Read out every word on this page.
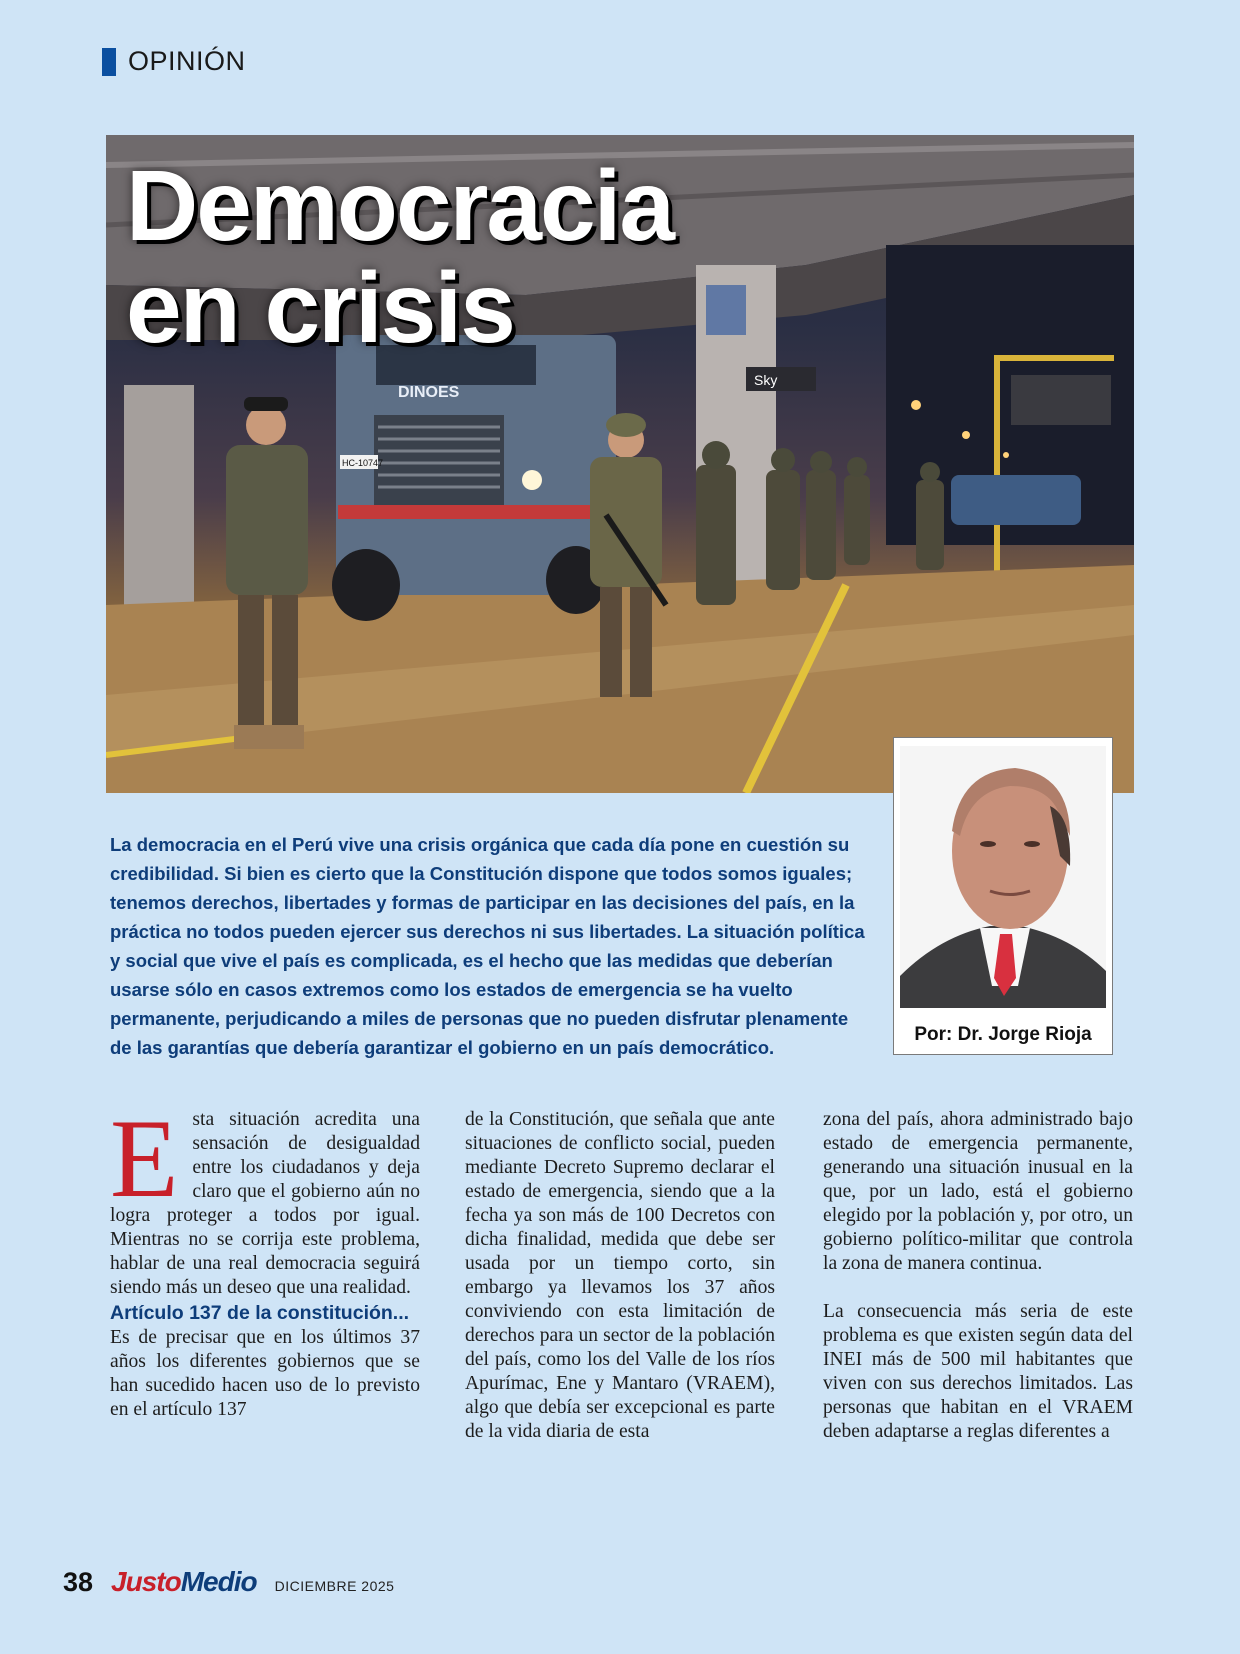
OPINIÓN
DINOES
HC-10747
Sky
Democracia
en crisis
Por: Dr. Jorge Rioja

La democracia en el Perú vive una crisis orgánica que cada día pone en cuestión su credibilidad. Si bien es cierto que la Constitución dispone que todos somos iguales; tenemos derechos, libertades y formas de participar en las decisiones del país, en la práctica no todos pueden ejercer sus derechos ni sus libertades. La situación política y social que vive el país es complicada, es el hecho que las medidas que deberían usarse sólo en casos extremos como los estados de emergencia se ha vuelto permanente, perjudicando a miles de personas que no pueden disfrutar plenamente de las garantías que debería garantizar el gobierno en un país democrático.

E sta situación acredita una sensación de desigualdad entre los ciudadanos y deja claro que el gobierno aún no logra proteger a todos por igual. Mientras no se corrija este problema, hablar de una real democracia seguirá siendo más un deseo que una realidad.

Artículo 137 de la constitución...

Es de precisar que en los últimos 37 años los diferentes gobiernos que se han sucedido hacen uso de lo previsto en el artículo 137

de la Constitución, que señala que ante situaciones de conflicto social, pueden mediante Decreto Supremo declarar el estado de emergencia, siendo que a la fecha ya son más de 100 Decretos con dicha finalidad, medida que debe ser usada por un tiempo corto, sin embargo ya llevamos los 37 años conviviendo con esta limitación de derechos para un sector de la población del país, como los del Valle de los ríos Apurímac, Ene y Mantaro (VRAEM), algo que debía ser excepcional es parte de la vida diaria de esta

zona del país, ahora administrado bajo estado de emergencia permanente, generando una situación inusual en la que, por un lado, está el gobierno elegido por la población y, por otro, un gobierno político-militar que controla la zona de manera continua.

La consecuencia más seria de este problema es que existen según data del INEI más de 500 mil habitantes que viven con sus derechos limitados. Las personas que habitan en el VRAEM deben adaptarse a reglas diferentes a

38 JustoMedio DICIEMBRE 2025
